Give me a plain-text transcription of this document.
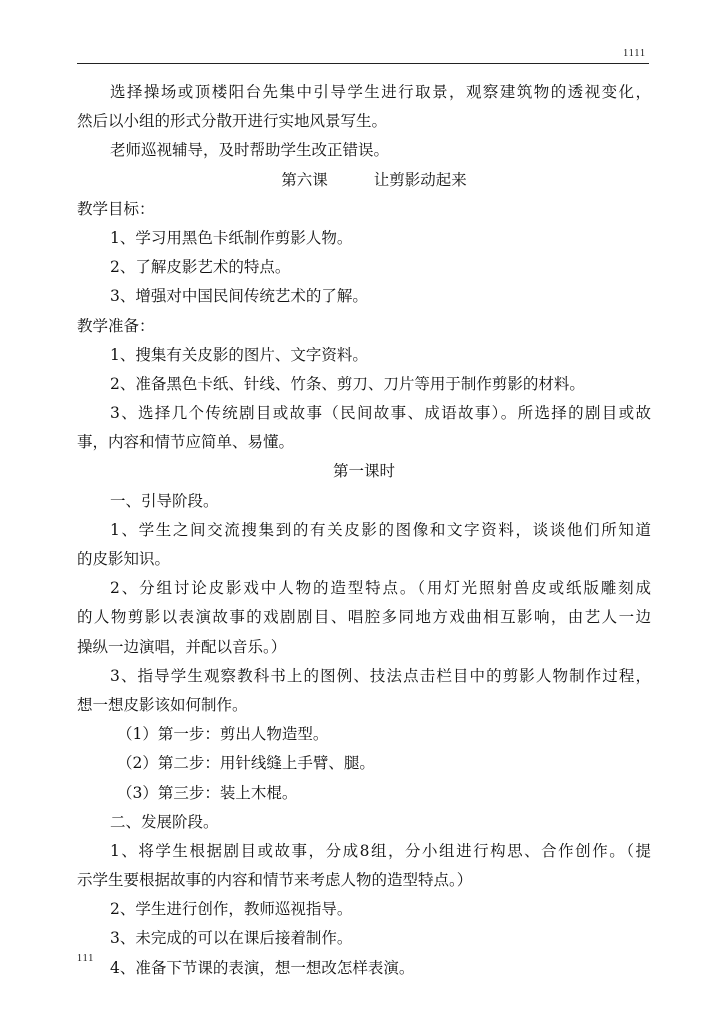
1111
选择操场或顶楼阳台先集中引导学生进行取景，观察建筑物的透视变化，
然后以小组的形式分散开进行实地风景写生。
老师巡视辅导，及时帮助学生改正错误。
第六课	让剪影动起来
教学目标：
1、学习用黑色卡纸制作剪影人物。
2、了解皮影艺术的特点。
3、增强对中国民间传统艺术的了解。
教学准备：
1、搜集有关皮影的图片、文字资料。
2、准备黑色卡纸、针线、竹条、剪刀、刀片等用于制作剪影的材料。
3、选择几个传统剧目或故事（民间故事、成语故事）。所选择的剧目或故
事，内容和情节应简单、易懂。
第一课时
一、引导阶段。
1、学生之间交流搜集到的有关皮影的图像和文字资料，谈谈他们所知道
的皮影知识。
2、分组讨论皮影戏中人物的造型特点。（用灯光照射兽皮或纸版雕刻成
的人物剪影以表演故事的戏剧剧目、唱腔多同地方戏曲相互影响，由艺人一边
操纵一边演唱，并配以音乐。）
3、指导学生观察教科书上的图例、技法点击栏目中的剪影人物制作过程，
想一想皮影该如何制作。
（1）第一步：剪出人物造型。
（2）第二步：用针线缝上手臂、腿。
（3）第三步：装上木棍。
二、发展阶段。
1、将学生根据剧目或故事，分成8组，分小组进行构思、合作创作。（提
示学生要根据故事的内容和情节来考虑人物的造型特点。）
2、学生进行创作，教师巡视指导。
3、未完成的可以在课后接着制作。
4、准备下节课的表演，想一想改怎样表演。
111
